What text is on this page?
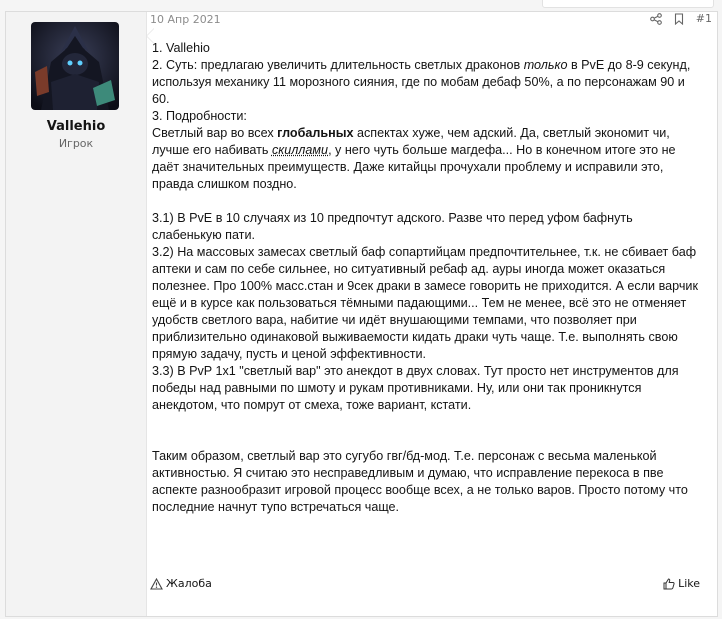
Vallehio
Игрок
10 Апр 2021	#1

1. Vallehio

2. Суть: предлагаю увеличить длительность светлых драконов только в PvE до 8-9 секунд, используя механику 11 морозного сияния, где по мобам дебаф 50%, а по персонажам 90 и 60.

3. Подробности:

Светлый вар во всех глобальных аспектах хуже, чем адский. Да, светлый экономит чи, лучше его набивать скиллами, у него чуть больше магдефа... Но в конечном итоге это не даёт значительных преимуществ. Даже китайцы прочухали проблему и исправили это, правда слишком поздно.

3.1) В PvE в 10 случаях из 10 предпочтут адского. Разве что перед уфом бафнуть слабенькую пати.

3.2) На массовых замесах светлый баф сопартийцам предпочтительнее, т.к. не сбивает баф аптеки и сам по себе сильнее, но ситуативный ребаф ад. ауры иногда может оказаться полезнее. Про 100% масс.стан и 9сек драки в замесе говорить не приходится. А если варчик ещё и в курсе как пользоваться тёмными падающими... Тем не менее, всё это не отменяет удобств светлого вара, набитие чи идёт внушающими темпами, что позволяет при приблизительно одинаковой выживаемости кидать драки чуть чаще. Т.е. выполнять свою прямую задачу, пусть и ценой эффективности.

3.3) В PvP 1x1 "светлый вар" это анекдот в двух словах. Тут просто нет инструментов для победы над равными по шмоту и рукам противниками. Ну, или они так проникнутся анекдотом, что помрут от смеха, тоже вариант, кстати.

Таким образом, светлый вар это сугубо гвг/бд-мод. Т.е. персонаж с весьма маленькой активностью. Я считаю это несправедливым и думаю, что исправление перекоса в пве аспекте разнообразит игровой процесс вообще всех, а не только варов. Просто потому что последние начнут тупо встречаться чаще.

Жалоба	Like
